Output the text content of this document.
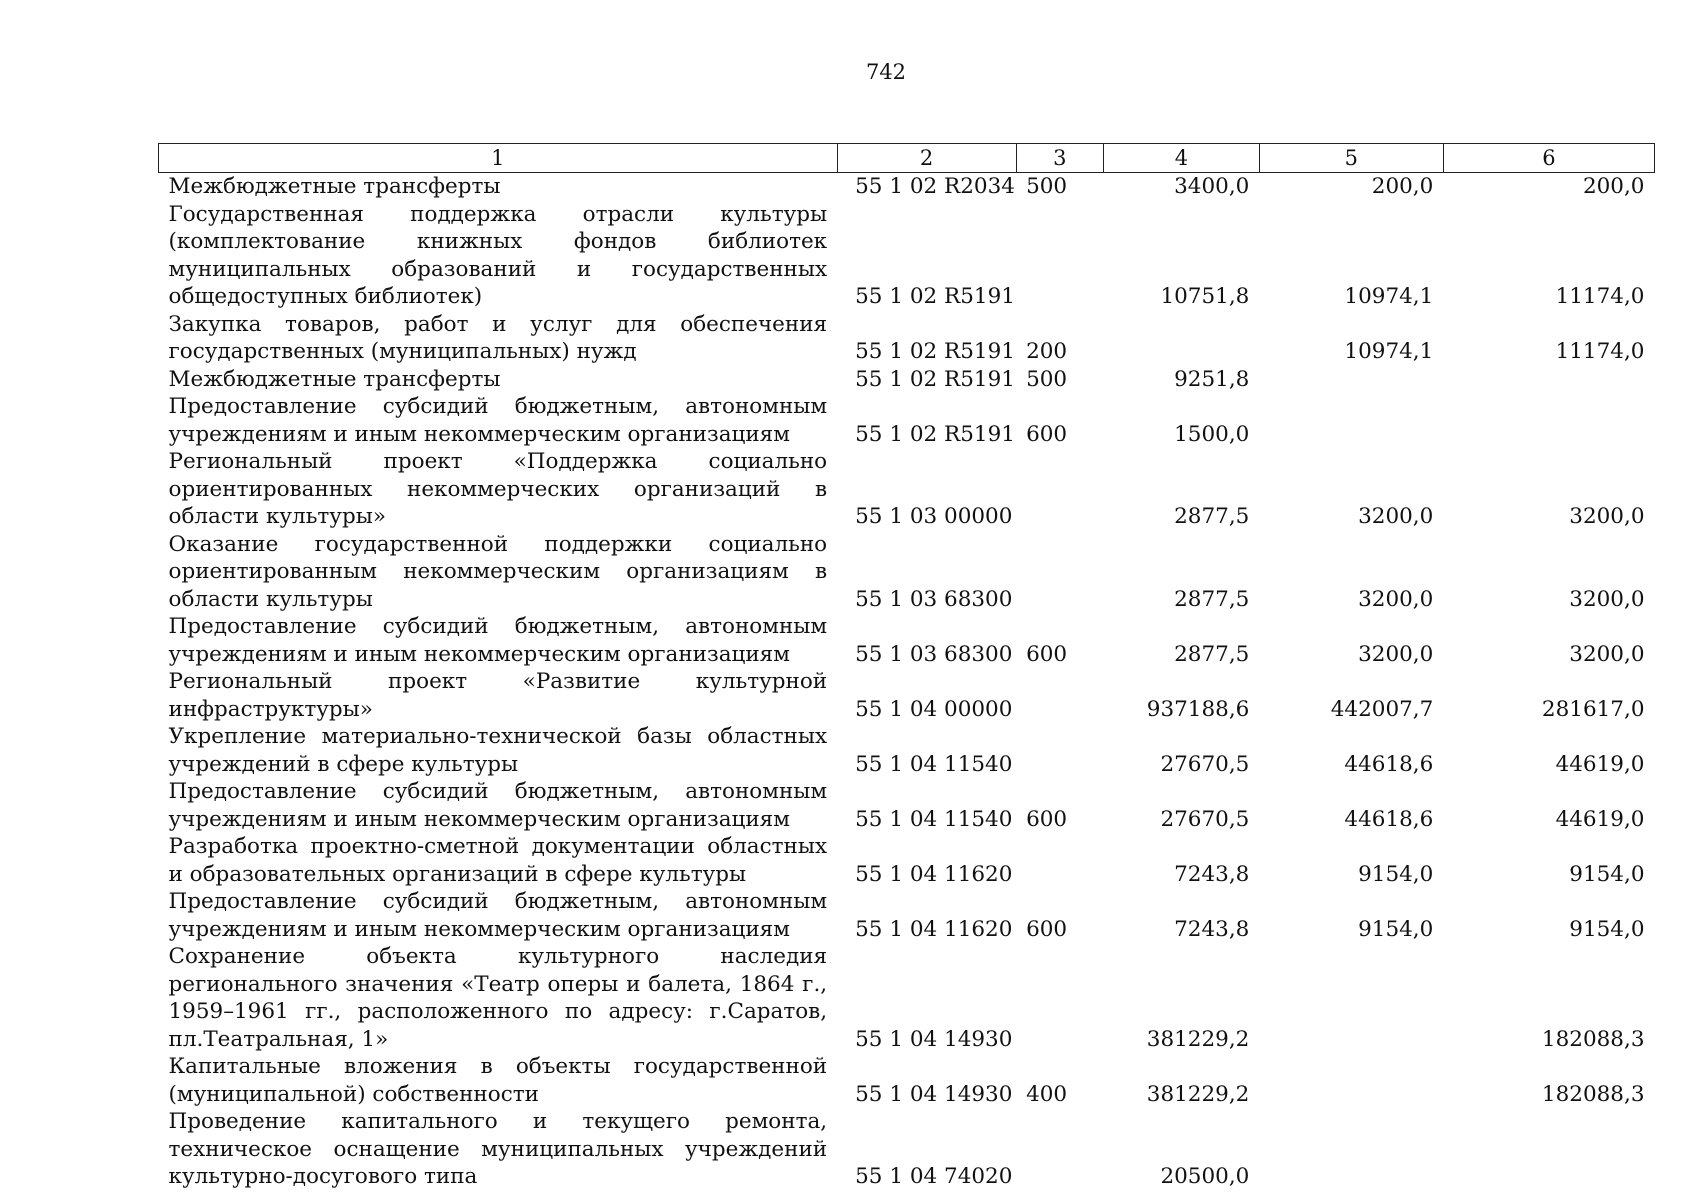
742
1	2	3	4	5	6
Межбюджетные трансферты	55 1 02 R2034	500	3400,0	200,0	200,0
Государственная поддержка отрасли культуры (комплектование книжных фондов библиотек муниципальных образований и государственных общедоступных библиотек)	55 1 02 R5191		10751,8	10974,1	11174,0
Закупка товаров, работ и услуг для обеспечения государственных (муниципальных) нужд	55 1 02 R5191	200		10974,1	11174,0
Межбюджетные трансферты	55 1 02 R5191	500	9251,8		
Предоставление субсидий бюджетным, автономным учреждениям и иным некоммерческим организациям	55 1 02 R5191	600	1500,0		
Региональный проект «Поддержка социально ориентированных некоммерческих организаций в области культуры»	55 1 03 00000		2877,5	3200,0	3200,0
Оказание государственной поддержки социально ориентированным некоммерческим организациям в области культуры	55 1 03 68300		2877,5	3200,0	3200,0
Предоставление субсидий бюджетным, автономным учреждениям и иным некоммерческим организациям	55 1 03 68300	600	2877,5	3200,0	3200,0
Региональный проект «Развитие культурной инфраструктуры»	55 1 04 00000		937188,6	442007,7	281617,0
Укрепление материально-технической базы областных учреждений в сфере культуры	55 1 04 11540		27670,5	44618,6	44619,0
Предоставление субсидий бюджетным, автономным учреждениям и иным некоммерческим организациям	55 1 04 11540	600	27670,5	44618,6	44619,0
Разработка проектно-сметной документации областных и образовательных организаций в сфере культуры	55 1 04 11620		7243,8	9154,0	9154,0
Предоставление субсидий бюджетным, автономным учреждениям и иным некоммерческим организациям	55 1 04 11620	600	7243,8	9154,0	9154,0
Сохранение объекта культурного наследия регионального значения «Театр оперы и балета, 1864 г., 1959–1961 гг., расположенного по адресу: г.Саратов, пл.Театральная, 1»	55 1 04 14930		381229,2		182088,3
Капитальные вложения в объекты государственной (муниципальной) собственности	55 1 04 14930	400	381229,2		182088,3
Проведение капитального и текущего ремонта, техническое оснащение муниципальных учреждений культурно-досугового типа	55 1 04 74020		20500,0		
